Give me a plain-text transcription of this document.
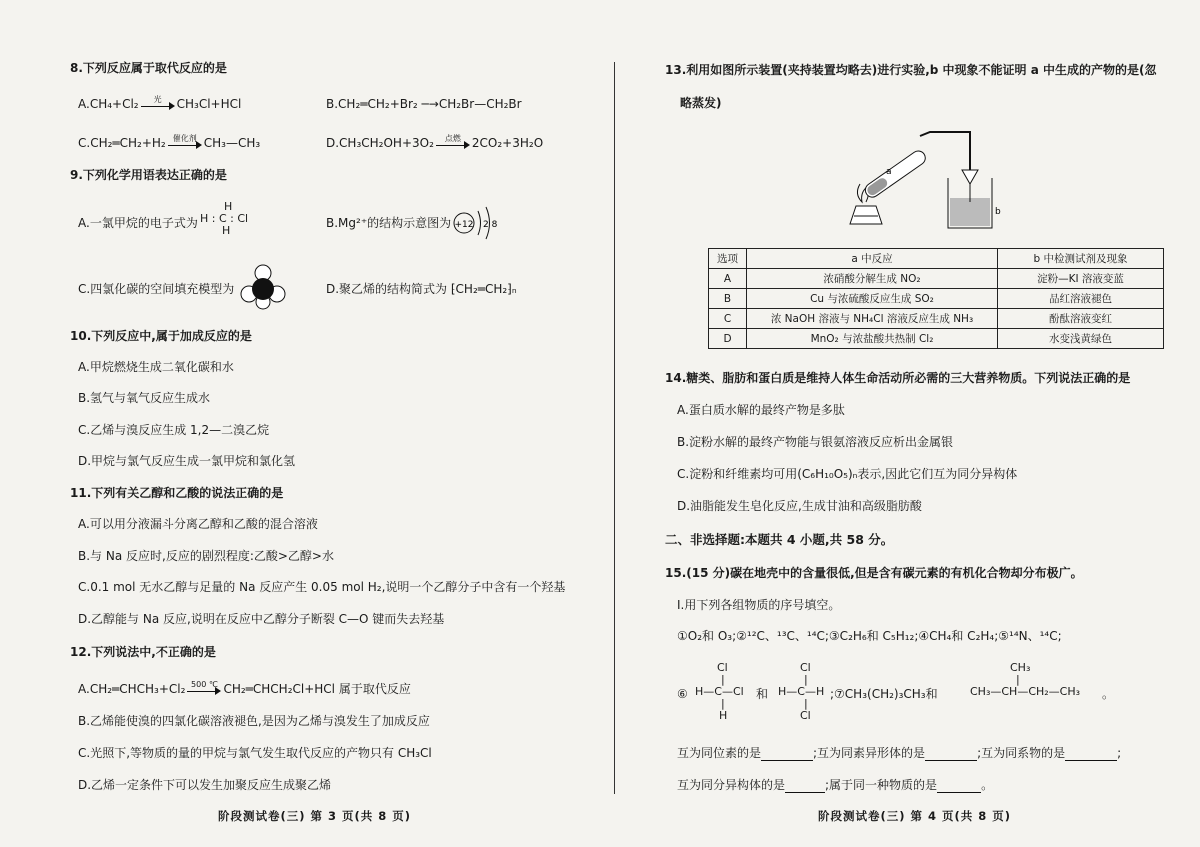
8.下列反应属于取代反应的是
A.CH₄+Cl₂	光	CH₃Cl+HCl	B.CH₂═CH₂+Br₂ ─→CH₂Br—CH₂Br
C.CH₂═CH₂+H₂ 催化剂 CH₃—CH₃	D.CH₃CH₂OH+3O₂	点燃 2CO₂+3H₂O
9.下列化学用语表达正确的是
A.一氯甲烷的电子式为
H
H : C : Cl
H
B.Mg²⁺的结构示意图为 +12 2 8
C.四氯化碳的空间填充模型为	D.聚乙烯的结构简式为 ⁅CH₂═CH₂⁆ₙ
10.下列反应中,属于加成反应的是
A.甲烷燃烧生成二氧化碳和水
B.氢气与氧气反应生成水
C.乙烯与溴反应生成 1,2—二溴乙烷
D.甲烷与氯气反应生成一氯甲烷和氯化氢
11.下列有关乙醇和乙酸的说法正确的是
A.可以用分液漏斗分离乙醇和乙酸的混合溶液
B.与 Na 反应时,反应的剧烈程度:乙酸>乙醇>水
C.0.1 mol 无水乙醇与足量的 Na 反应产生 0.05 mol H₂,说明一个乙醇分子中含有一个羟基
D.乙醇能与 Na 反应,说明在反应中乙醇分子断裂 C—O 键而失去羟基
12.下列说法中,不正确的是
A.CH₂═CHCH₃+Cl₂ 500 ℃ CH₂═CHCH₂Cl+HCl 属于取代反应
B.乙烯能使溴的四氯化碳溶液褪色,是因为乙烯与溴发生了加成反应
C.光照下,等物质的量的甲烷与氯气发生取代反应的产物只有 CH₃Cl
D.乙烯一定条件下可以发生加聚反应生成聚乙烯
阶段测试卷(三) 第 3 页(共 8 页)
13.利用如图所示装置(夹持装置均略去)进行实验,b 中现象不能证明 a 中生成的产物的是(忽
略蒸发)
a
b
选项	a 中反应	b 中检测试剂及现象
A	浓硝酸分解生成 NO₂	淀粉—KI 溶液变蓝
B	Cu 与浓硫酸反应生成 SO₂	品红溶液褪色
C	浓 NaOH 溶液与 NH₄Cl 溶液反应生成 NH₃	酚酞溶液变红
D	MnO₂ 与浓盐酸共热制 Cl₂	水变浅黄绿色
14.糖类、脂肪和蛋白质是维持人体生命活动所必需的三大营养物质。下列说法正确的是
A.蛋白质水解的最终产物是多肽
B.淀粉水解的最终产物能与银氨溶液反应析出金属银
C.淀粉和纤维素均可用(C₆H₁₀O₅)ₙ表示,因此它们互为同分异构体
D.油脂能发生皂化反应,生成甘油和高级脂肪酸
二、非选择题:本题共 4 小题,共 58 分。
15.(15 分)碳在地壳中的含量很低,但是含有碳元素的有机化合物却分布极广。
Ⅰ.用下列各组物质的序号填空。
①O₂和 O₃;②¹²C、¹³C、¹⁴C;③C₂H₆和 C₅H₁₂;④CH₄和 C₂H₄;⑤¹⁴N、¹⁴C;
⑥
Cl
|
H—C—Cl
|
H
和
Cl
|
H—C—H
|
Cl
;⑦CH₃(CH₂)₃CH₃和
CH₃
|
CH₃—CH—CH₂—CH₃ 。
互为同位素的是	;互为同素异形体的是	;互为同系物的是	;
互为同分异构体的是	;属于同一种物质的是	。
阶段测试卷(三) 第 4 页(共 8 页)
